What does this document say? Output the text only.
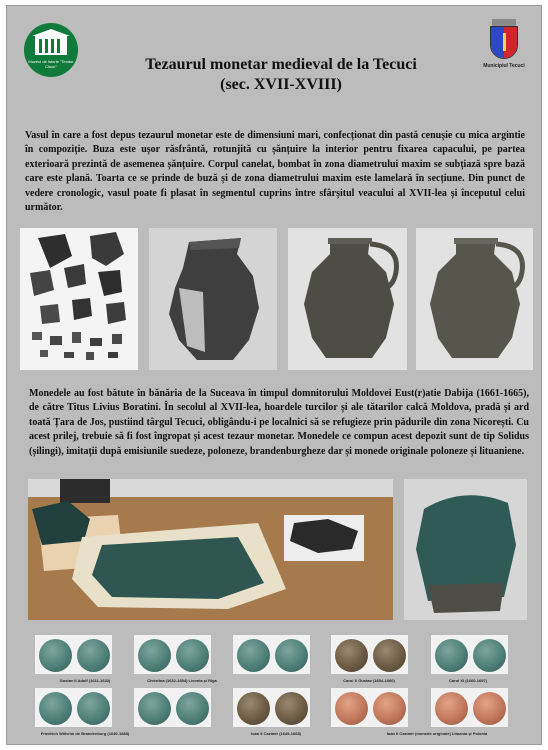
Muzeul de Istorie "Teodor Cincu"	Municipiul Tecuci
Tezaurul monetar medieval de la Tecuci
(sec. XVII-XVIII)

Vasul în care a fost depus tezaurul monetar este de dimensiuni mari, confecționat din pastă cenușie cu mica argintie în compoziție. Buza este ușor răsfrântă, rotunjită cu șănțuire la interior pentru fixarea capacului, pe partea exterioară prezintă de asemenea șănțuire. Corpul canelat, bombat în zona diametrului maxim se subțiază spre bază care este plană. Toarta ce se prinde de buză și de zona diametrului maxim este lamelară în secțiune. Din punct de vedere cronologic, vasul poate fi plasat în segmentul cuprins între sfârșitul veacului al XVII-lea și începutul celui următor.

Monedele au fost bătute în bănăria de la Suceava în timpul domnitorului Moldovei Eust(r)atie Dabija (1661-1665), de către Titus Livius Boratini. În secolul al XVII-lea, hoardele turcilor și ale tătarilor calcă Moldova, pradă și ard toată Țara de Jos, pustiind târgul Tecuci, obligându-i pe localnici să se refugieze prin pădurile din zona Nicorești. Cu acest prilej, trebuie să fi fost îngropat și acest tezaur monetar. Monedele ce compun acest depozit sunt de tip Solidus (șilingi), imitații după emisiunile suedeze, poloneze, brandenburgheze dar și monede originale poloneze și lituaniene.

Gustav II Adolf (1611-1632)	Christina (1632-1654) Livonia și Riga	Carol X Gustav (1654-1660)	Carol XI (1660-1697)
Friedrich Wilhelm de Brandenburg (1640-1688)	Ioan II Cazimir (1649-1668)	Ioan II Cazimir (monede originale) Lituania și Polonia
